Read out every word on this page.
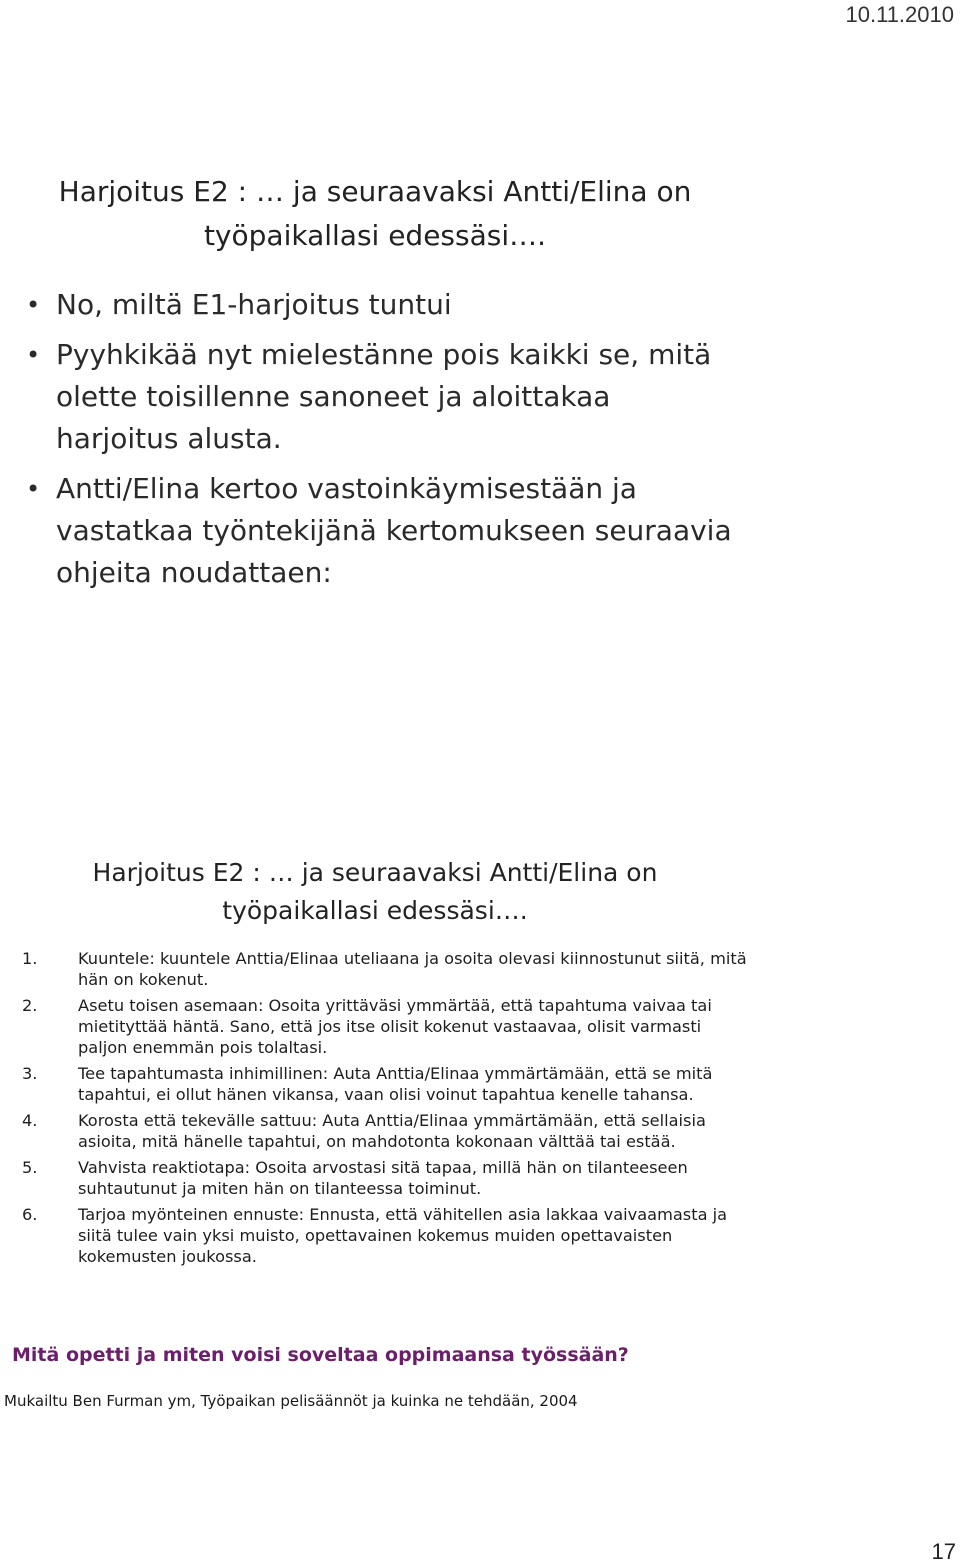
10.11.2010
Harjoitus E2 : … ja seuraavaksi Antti/Elina on
työpaikallasi edessäsi….
• No, miltä E1-harjoitus tuntui
• Pyyhkikää nyt mielestänne pois kaikki se, mitä olette toisillenne sanoneet ja aloittakaa harjoitus alusta.
• Antti/Elina kertoo vastoinkäymisestään ja vastatkaa työntekijänä kertomukseen seuraavia ohjeita noudattaen:
Harjoitus E2 : … ja seuraavaksi Antti/Elina on
työpaikallasi edessäsi….
1.	Kuuntele: kuuntele Anttia/Elinaa uteliaana ja osoita olevasi kiinnostunut siitä, mitä hän on kokenut.
2.	Asetu toisen asemaan: Osoita yrittäväsi ymmärtää, että tapahtuma vaivaa tai mietityttää häntä. Sano, että jos itse olisit kokenut vastaavaa, olisit varmasti paljon enemmän pois tolaltasi.
3.	Tee tapahtumasta inhimillinen: Auta Anttia/Elinaa ymmärtämään, että se mitä tapahtui, ei ollut hänen vikansa, vaan olisi voinut tapahtua kenelle tahansa.
4.	Korosta että tekevälle sattuu: Auta Anttia/Elinaa ymmärtämään, että sellaisia asioita, mitä hänelle tapahtui, on mahdotonta kokonaan välttää tai estää.
5.	Vahvista reaktiotapa: Osoita arvostasi sitä tapaa, millä hän on tilanteeseen suhtautunut ja miten hän on tilanteessa toiminut.
6.	Tarjoa myönteinen ennuste: Ennusta, että vähitellen asia lakkaa vaivaamasta ja siitä tulee vain yksi muisto, opettavainen kokemus muiden opettavaisten kokemusten joukossa.
Mitä opetti ja miten voisi soveltaa oppimaansa työssään?
Mukailtu Ben Furman ym, Työpaikan pelisäännöt ja kuinka ne tehdään, 2004
17
